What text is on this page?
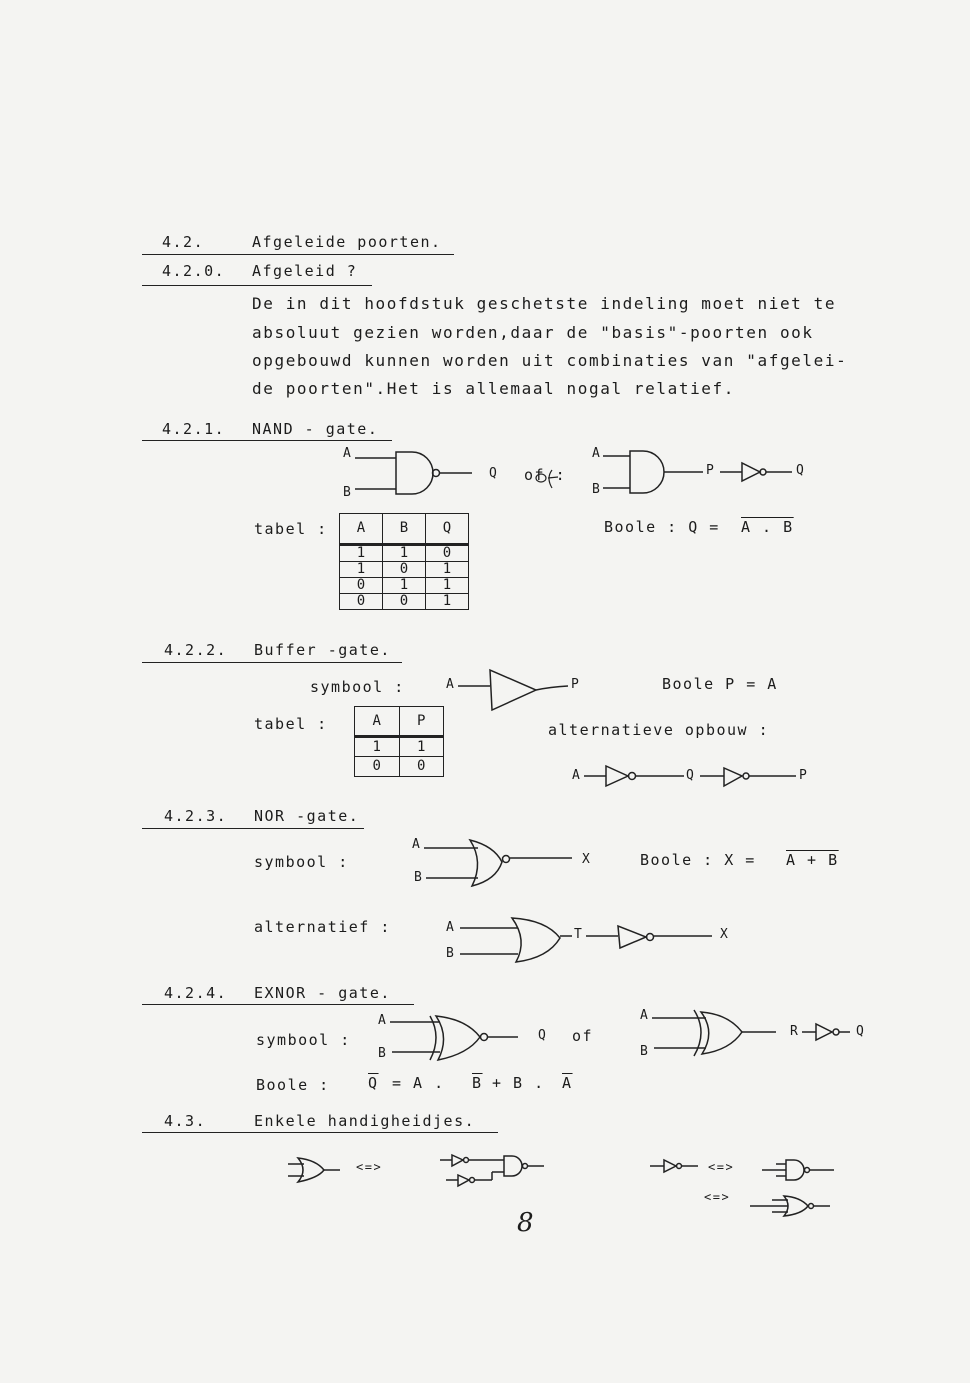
4.2.	Afgeleide poorten.
4.2.0. Afgeleid ?
De in dit hoofdstuk geschetste indeling moet niet te
absoluut gezien worden,daar de "basis"-poorten ook
opgebouwd kunnen worden uit combinaties van "afgelei-
de poorten".Het is allemaal nogal relatief.
4.2.1. NAND - gate.
A
B
Q of :
A
B
P	Q
tabel : A	B	Q
1	1	0
1	0	1
0	1	1
0	0	1
Boole : Q = A . B
4.2.2. Buffer -gate.
symbool :	A	P	Boole P = A
tabel :	A	P
1	1
0	0
alternatieve opbouw :
A	Q	P
4.2.3. NOR -gate.
symbool :
A
B
X	Boole : X = A + B
alternatief :	A
B
T	X
4.2.4. EXNOR - gate.
symbool :
A
B
Q of
A
B
R	Q
Boole :	$\overline{Q} = A$ . $\overline{B} + B$ . $\overline{A}$
4.3.	Enkele handigheidjes.
<=>	<=>
<=>
8
